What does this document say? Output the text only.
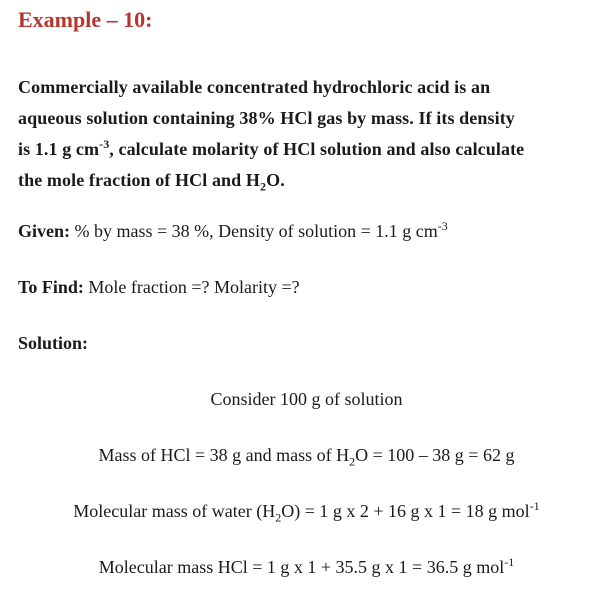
Example – 10:
Commercially available concentrated hydrochloric acid is an
aqueous solution containing 38% HCl gas by mass. If its density
is 1.1 g $cm^{-3}$, calculate molarity of HCl solution and also calculate
the mole fraction of HCl and $H_2O$.
Given: % by mass = 38 %, Density of solution = 1.1 g $cm^{-3}$
To Find: Mole fraction =? Molarity =?
Solution:
Consider 100 g of solution
Mass of HCl = 38 g and mass of $H_2O = 100 - 38$ g = 62 g
Molecular mass of water $(H_2O) = 1$ g x 2 + 16 g x 1 = 18 g mol$^{-1}$
Molecular mass HCl = 1 g x 1 + 35.5 g x 1 = 36.5 g mol$^{-1}$
